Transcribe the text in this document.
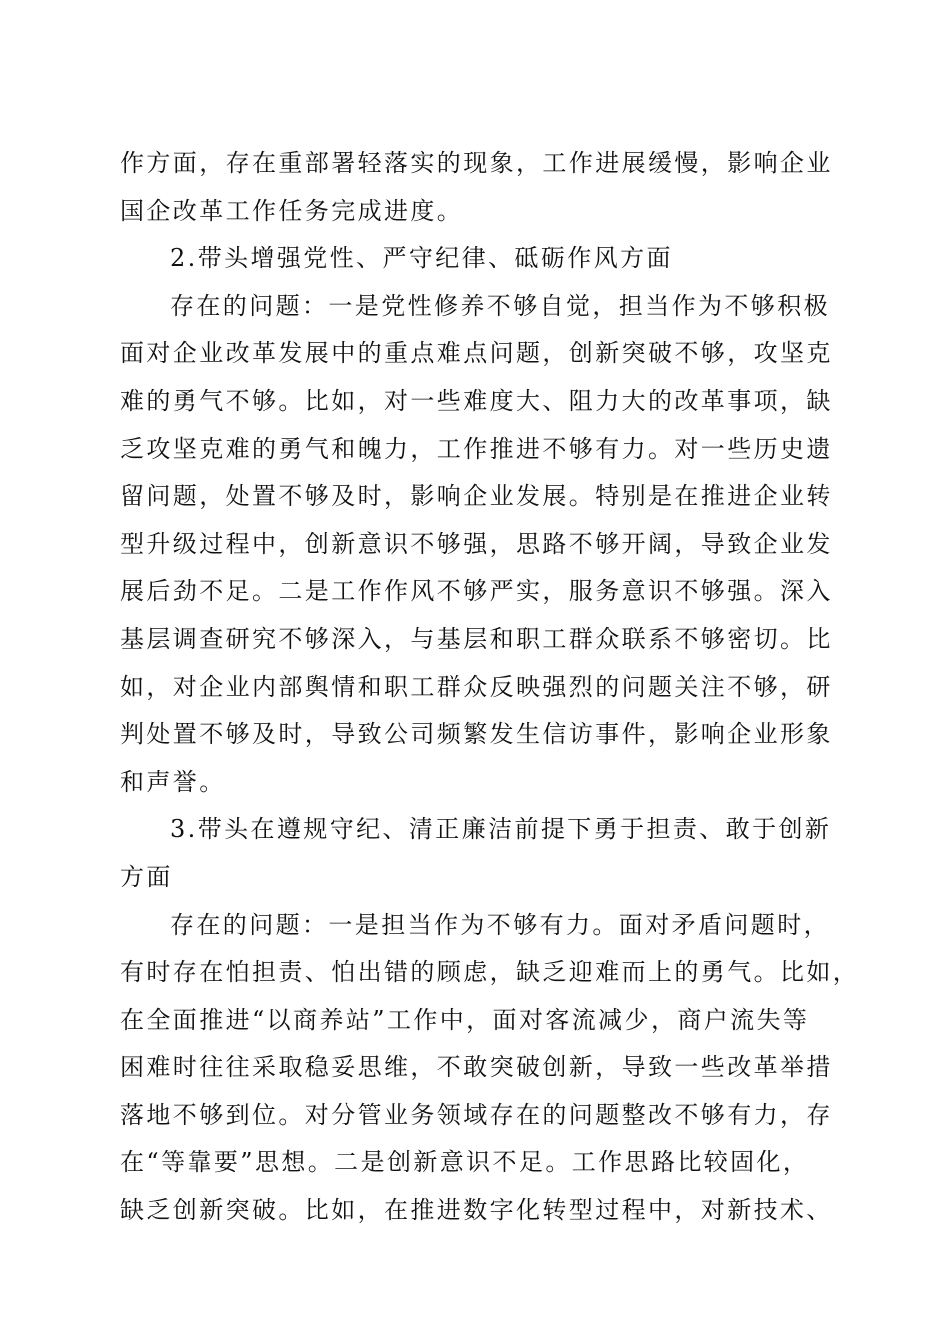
作方面，存在重部署轻落实的现象，工作进展缓慢，影响企业
国企改革工作任务完成进度。
2.带头增强党性、严守纪律、砥砺作风方面
存在的问题：一是党性修养不够自觉，担当作为不够积极
面对企业改革发展中的重点难点问题，创新突破不够，攻坚克
难的勇气不够。比如，对一些难度大、阻力大的改革事项，缺
乏攻坚克难的勇气和魄力，工作推进不够有力。对一些历史遗
留问题，处置不够及时，影响企业发展。特别是在推进企业转
型升级过程中，创新意识不够强，思路不够开阔，导致企业发
展后劲不足。二是工作作风不够严实，服务意识不够强。深入
基层调查研究不够深入，与基层和职工群众联系不够密切。比
如，对企业内部舆情和职工群众反映强烈的问题关注不够，研
判处置不够及时，导致公司频繁发生信访事件，影响企业形象
和声誉。
3.带头在遵规守纪、清正廉洁前提下勇于担责、敢于创新
方面
存在的问题：一是担当作为不够有力。面对矛盾问题时，
有时存在怕担责、怕出错的顾虑，缺乏迎难而上的勇气。比如，
在全面推进“以商养站”工作中，面对客流减少，商户流失等
困难时往往采取稳妥思维，不敢突破创新，导致一些改革举措
落地不够到位。对分管业务领域存在的问题整改不够有力，存
在“等靠要”思想。二是创新意识不足。工作思路比较固化，
缺乏创新突破。比如，在推进数字化转型过程中，对新技术、
